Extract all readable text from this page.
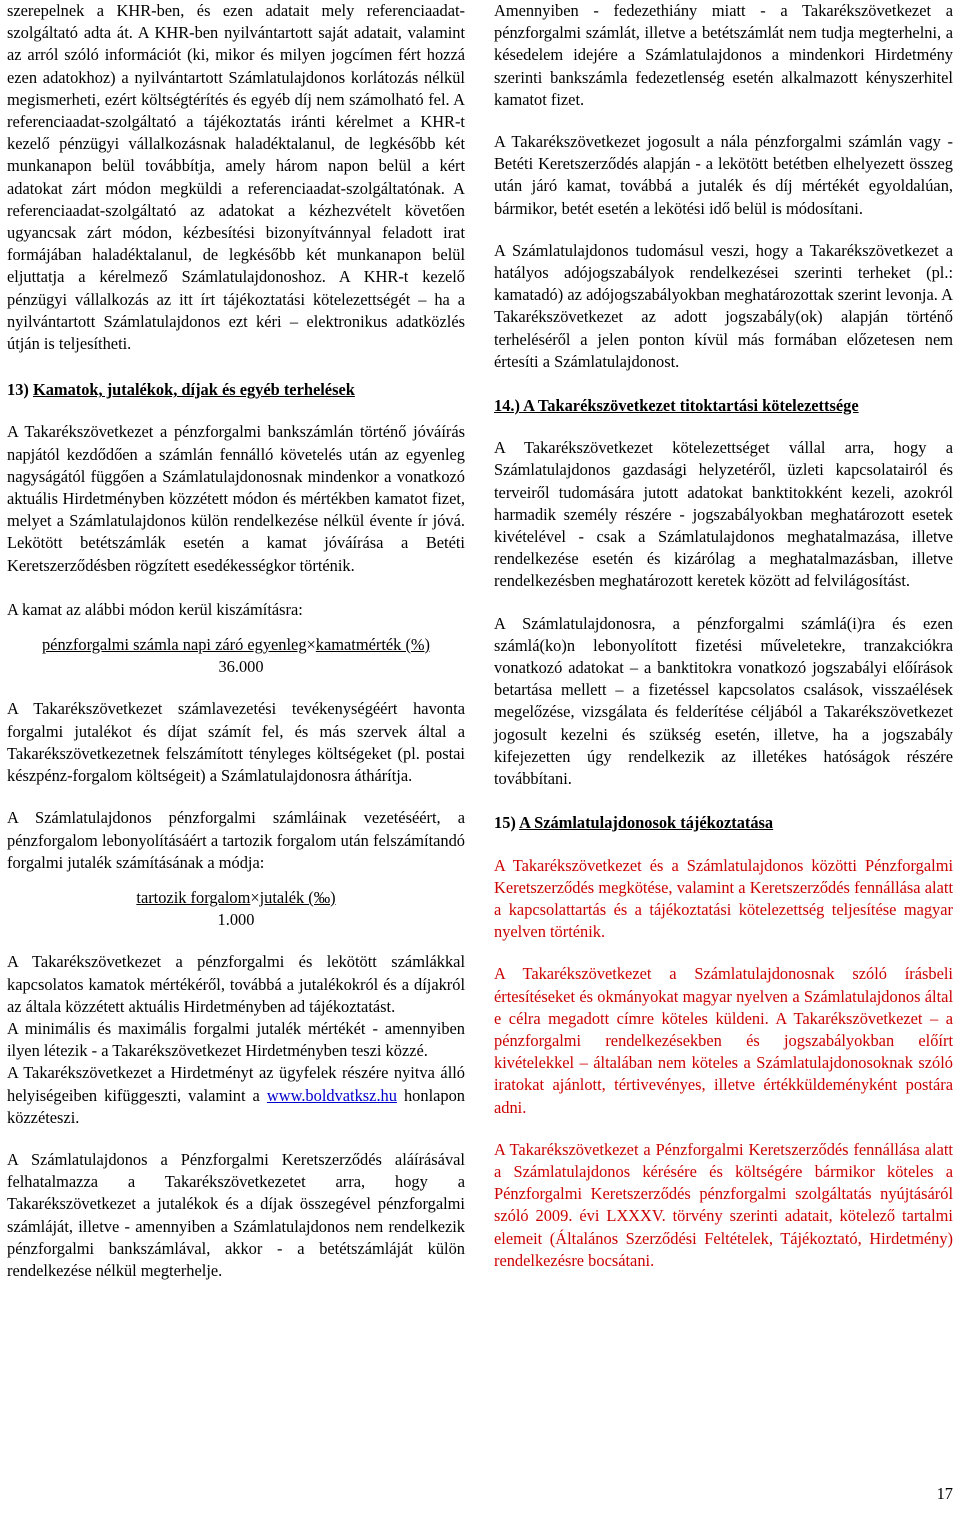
szerepelnek a KHR-ben, és ezen adatait mely referenciaadat-szolgáltató adta át. A KHR-ben nyilvántartott saját adatait, valamint az arról szóló információt (ki, mikor és milyen jogcímen fért hozzá ezen adatokhoz) a nyilvántartott Számlatulajdonos korlátozás nélkül megismerheti, ezért költségtérítés és egyéb díj nem számolható fel. A referenciaadat-szolgáltató a tájékoztatás iránti kérelmet a KHR-t kezelő pénzügyi vállalkozásnak haladéktalanul, de legkésőbb két munkanapon belül továbbítja, amely három napon belül a kért adatokat zárt módon megküldi a referenciaadat-szolgáltatónak. A referenciaadat-szolgáltató az adatokat a kézhezvételt követően ugyancsak zárt módon, kézbesítési bizonyítvánnyal feladott irat formájában haladéktalanul, de legkésőbb két munkanapon belül eljuttatja a kérelmező Számlatulajdonoshoz. A KHR-t kezelő pénzügyi vállalkozás az itt írt tájékoztatási kötelezettségét – ha a nyilvántartott Számlatulajdonos ezt kéri – elektronikus adatközlés útján is teljesítheti.

13) Kamatok, jutalékok, díjak és egyéb terhelések

A Takarékszövetkezet a pénzforgalmi bankszámlán történő jóváírás napjától kezdődően a számlán fennálló követelés után az egyenleg nagyságától függően a Számlatulajdonosnak mindenkor a vonatkozó aktuális Hirdetményben közzétett módon és mértékben kamatot fizet, melyet a Számlatulajdonos külön rendelkezése nélkül évente ír jóvá. Lekötött betétszámlák esetén a kamat jóváírása a Betéti Keretszerződésben rögzített esedékességkor történik.

A kamat az alábbi módon kerül kiszámításra:

pénzforgalmi számla napi záró egyenleg×kamatmérték (%)
36.000

A Takarékszövetkezet számlavezetési tevékenységéért havonta forgalmi jutalékot és díjat számít fel, és más szervek által a Takarékszövetkezetnek felszámított tényleges költségeket (pl. postai készpénz-forgalom költségeit) a Számlatulajdonosra áthárítja.

A Számlatulajdonos pénzforgalmi számláinak vezetéséért, a pénzforgalom lebonyolításáért a tartozik forgalom után felszámítandó forgalmi jutalék számításának a módja:

tartozik forgalom×jutalék (‰)
1.000

A Takarékszövetkezet a pénzforgalmi és lekötött számlákkal kapcsolatos kamatok mértékéről, továbbá a jutalékokról és a díjakról az általa közzétett aktuális Hirdetményben ad tájékoztatást.

A minimális és maximális forgalmi jutalék mértékét - amennyiben ilyen létezik - a Takarékszövetkezet Hirdetményben teszi közzé.

A Takarékszövetkezet a Hirdetményt az ügyfelek részére nyitva álló helyiségeiben kifüggeszti, valamint a www.boldvatksz.hu honlapon közzéteszi.

A Számlatulajdonos a Pénzforgalmi Keretszerződés aláírásával felhatalmazza a Takarékszövetkezetet arra, hogy a Takarékszövetkezet a jutalékok és a díjak összegével pénzforgalmi számláját, illetve - amennyiben a Számlatulajdonos nem rendelkezik pénzforgalmi bankszámlával, akkor - a betétszámláját külön rendelkezése nélkül megterhelje.

Amennyiben - fedezethiány miatt - a Takarékszövetkezet a pénzforgalmi számlát, illetve a betétszámlát nem tudja megterhelni, a késedelem idejére a Számlatulajdonos a mindenkori Hirdetmény szerinti bankszámla fedezetlenség esetén alkalmazott kényszerhitel kamatot fizet.

A Takarékszövetkezet jogosult a nála pénzforgalmi számlán vagy - Betéti Keretszerződés alapján - a lekötött betétben elhelyezett összeg után járó kamat, továbbá a jutalék és díj mértékét egyoldalúan, bármikor, betét esetén a lekötési idő belül is módosítani.

A Számlatulajdonos tudomásul veszi, hogy a Takarékszövetkezet a hatályos adójogszabályok rendelkezései szerinti terheket (pl.: kamatadó) az adójogszabályokban meghatározottak szerint levonja. A Takarékszövetkezet az adott jogszabály(ok) alapján történő terheléséről a jelen ponton kívül más formában előzetesen nem értesíti a Számlatulajdonost.

14.) A Takarékszövetkezet titoktartási kötelezettsége

A Takarékszövetkezet kötelezettséget vállal arra, hogy a Számlatulajdonos gazdasági helyzetéről, üzleti kapcsolatairól és terveiről tudomására jutott adatokat banktitokként kezeli, azokról harmadik személy részére - jogszabályokban meghatározott esetek kivételével - csak a Számlatulajdonos meghatalmazása, illetve rendelkezése esetén és kizárólag a meghatalmazásban, illetve rendelkezésben meghatározott keretek között ad felvilágosítást.

A Számlatulajdonosra, a pénzforgalmi számlá(i)ra és ezen számlá(ko)n lebonyolított fizetési műveletekre, tranzakciókra vonatkozó adatokat – a banktitokra vonatkozó jogszabályi előírások betartása mellett – a fizetéssel kapcsolatos csalások, visszaélések megelőzése, vizsgálata és felderítése céljából a Takarékszövetkezet jogosult kezelni és szükség esetén, illetve, ha a jogszabály kifejezetten úgy rendelkezik az illetékes hatóságok részére továbbítani.

15) A Számlatulajdonosok tájékoztatása

A Takarékszövetkezet és a Számlatulajdonos közötti Pénzforgalmi Keretszerződés megkötése, valamint a Keretszerződés fennállása alatt a kapcsolattartás és a tájékoztatási kötelezettség teljesítése magyar nyelven történik.

A Takarékszövetkezet a Számlatulajdonosnak szóló írásbeli értesítéseket és okmányokat magyar nyelven a Számlatulajdonos által e célra megadott címre köteles küldeni. A Takarékszövetkezet – a pénzforgalmi rendelkezésekben és jogszabályokban előírt kivételekkel – általában nem köteles a Számlatulajdonosoknak szóló iratokat ajánlott, tértivevényes, illetve értékküldeményként postára adni.

A Takarékszövetkezet a Pénzforgalmi Keretszerződés fennállása alatt a Számlatulajdonos kérésére és költségére bármikor köteles a Pénzforgalmi Keretszerződés pénzforgalmi szolgáltatás nyújtásáról szóló 2009. évi LXXXV. törvény szerinti adatait, kötelező tartalmi elemeit (Általános Szerződési Feltételek, Tájékoztató, Hirdetmény) rendelkezésre bocsátani.

17
